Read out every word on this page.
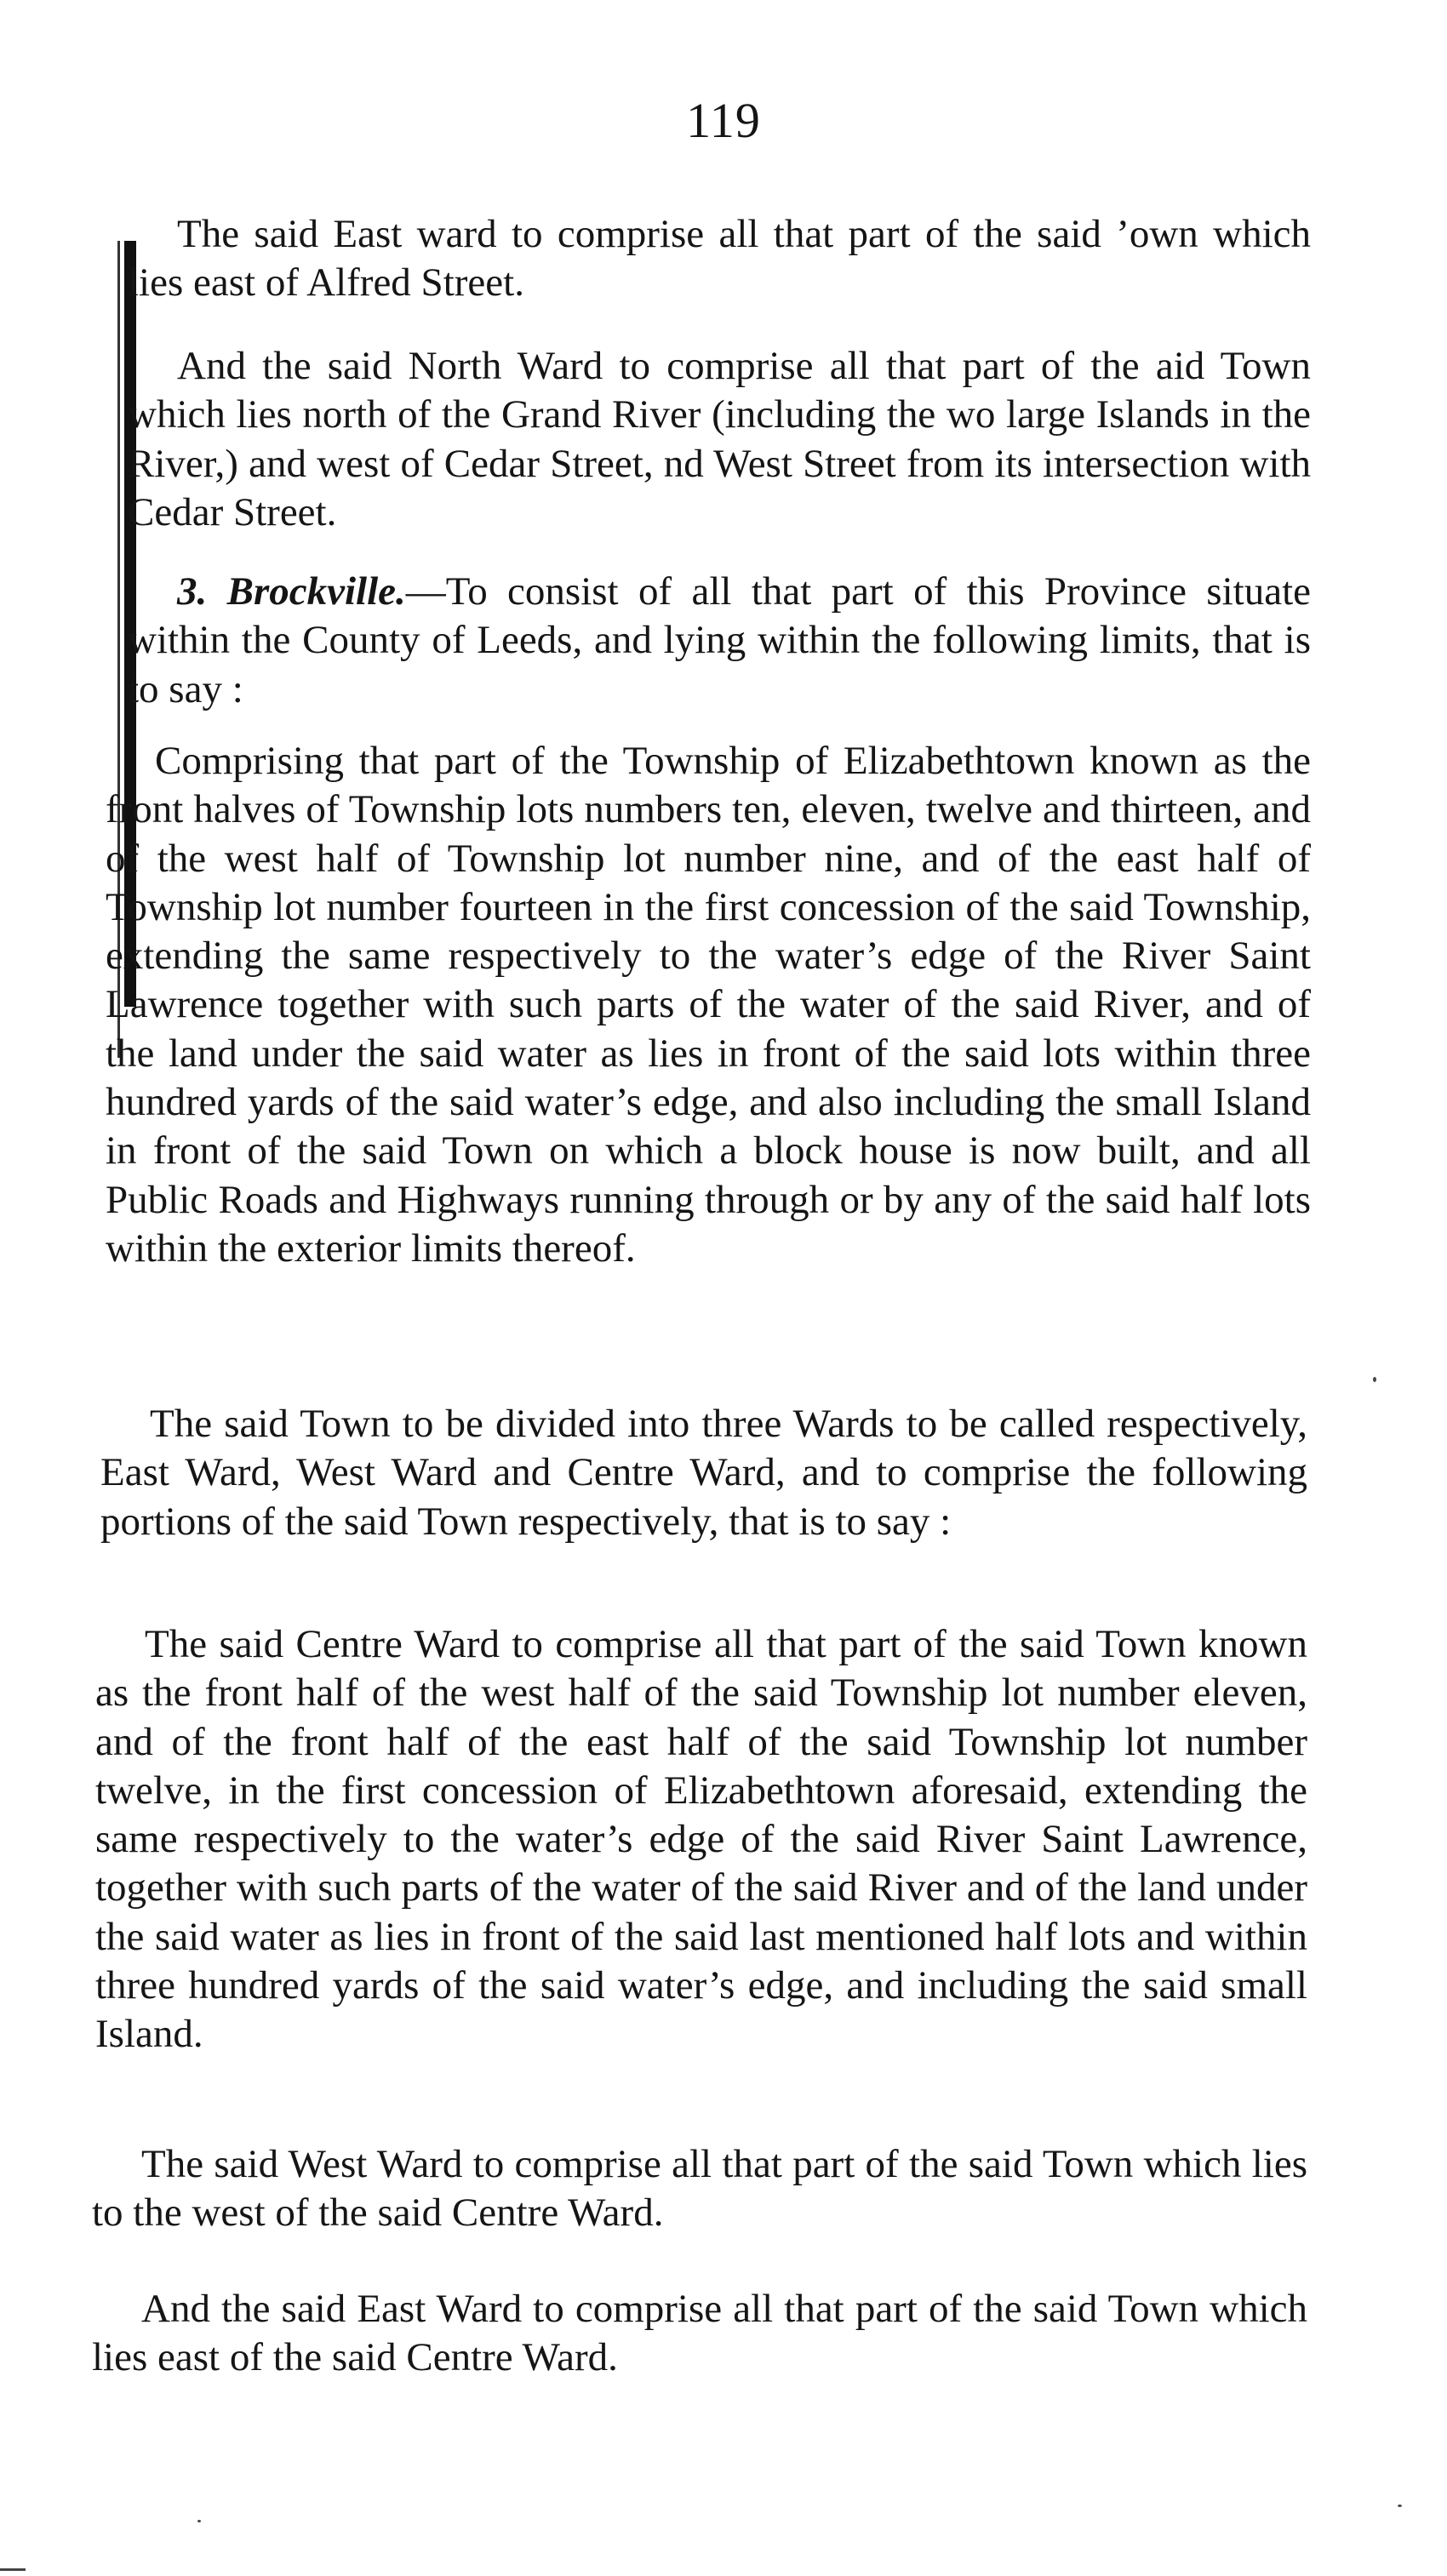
119

The said East ward to comprise all that part of the said ’own which lies east of Alfred Street.

And the said North Ward to comprise all that part of the aid Town which lies north of the Grand River (including the wo large Islands in the River,) and west of Cedar Street, nd West Street from its intersection with Cedar Street.

3. Brockville.—To consist of all that part of this Province situate within the County of Leeds, and lying within the following limits, that is to say :

Comprising that part of the Township of Elizabethtown known as the front halves of Township lots numbers ten, eleven, twelve and thirteen, and of the west half of Township lot number nine, and of the east half of Township lot number fourteen in the first concession of the said Township, extending the same respectively to the water’s edge of the River Saint Lawrence together with such parts of the water of the said River, and of the land under the said water as lies in front of the said lots within three hundred yards of the said water’s edge, and also including the small Island in front of the said Town on which a block house is now built, and all Public Roads and Highways running through or by any of the said half lots within the exterior limits thereof.

The said Town to be divided into three Wards to be called respectively, East Ward, West Ward and Centre Ward, and to comprise the following portions of the said Town respectively, that is to say :

The said Centre Ward to comprise all that part of the said Town known as the front half of the west half of the said Township lot number eleven, and of the front half of the east half of the said Township lot number twelve, in the first concession of Elizabethtown aforesaid, extending the same respectively to the water’s edge of the said River Saint Lawrence, together with such parts of the water of the said River and of the land under the said water as lies in front of the said last mentioned half lots and within three hundred yards of the said water’s edge, and including the said small Island.

The said West Ward to comprise all that part of the said Town which lies to the west of the said Centre Ward.

And the said East Ward to comprise all that part of the said Town which lies east of the said Centre Ward.
